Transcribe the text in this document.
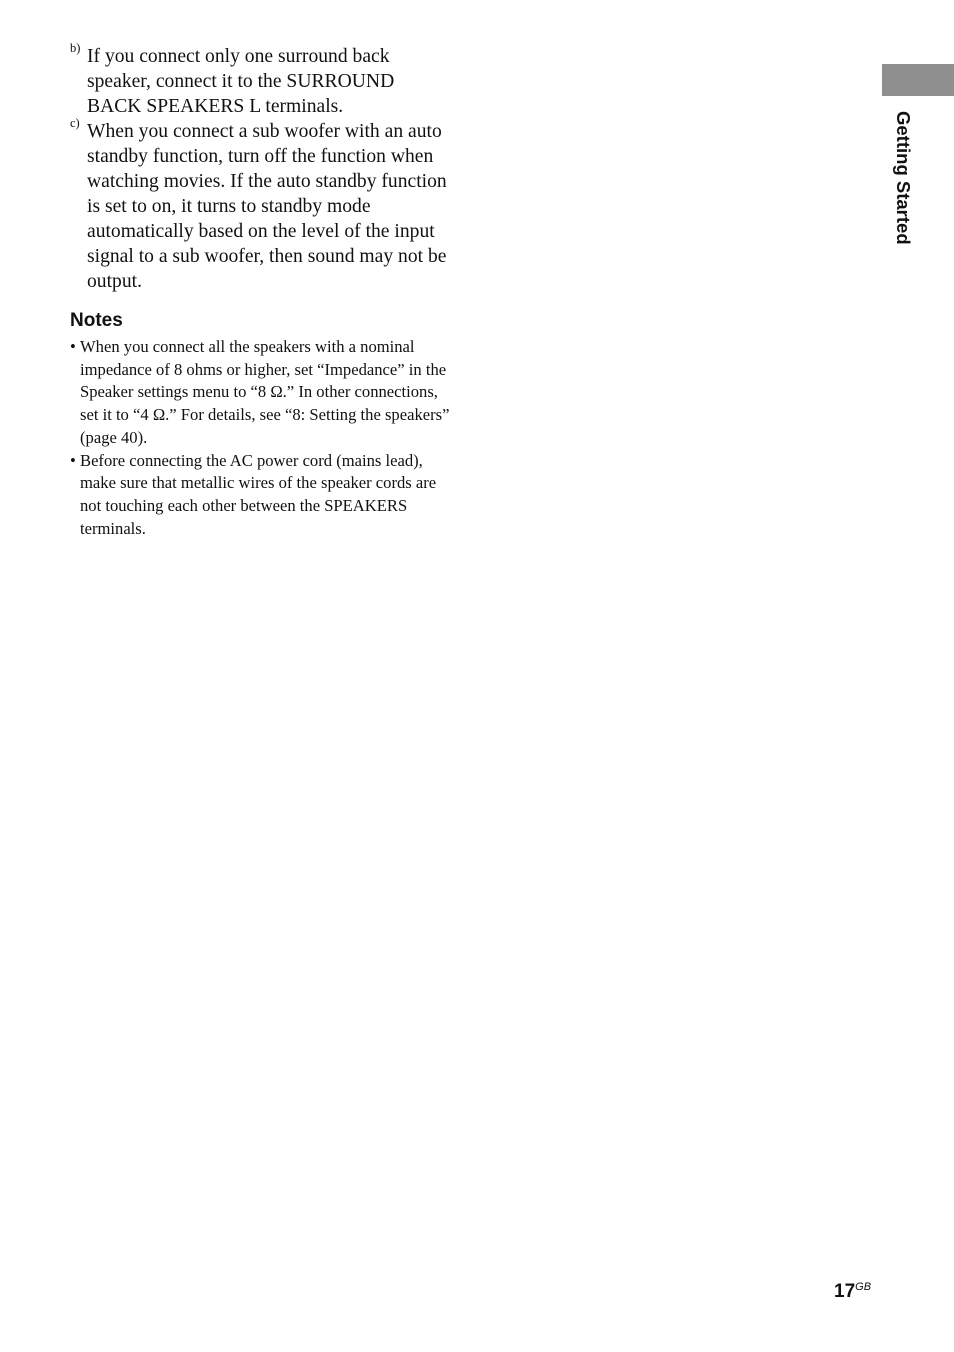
b) If you connect only one surround back speaker, connect it to the SURROUND BACK SPEAKERS L terminals.

c) When you connect a sub woofer with an auto standby function, turn off the function when watching movies. If the auto standby function is set to on, it turns to standby mode automatically based on the level of the input signal to a sub woofer, then sound may not be output.

Notes
• When you connect all the speakers with a nominal impedance of 8 ohms or higher, set “Impedance” in the Speaker settings menu to “8 Ω.” In other connections, set it to “4 Ω.” For details, see “8: Setting the speakers” (page 40).
• Before connecting the AC power cord (mains lead), make sure that metallic wires of the speaker cords are not touching each other between the SPEAKERS terminals.
Getting Started
$17^{GB}$
